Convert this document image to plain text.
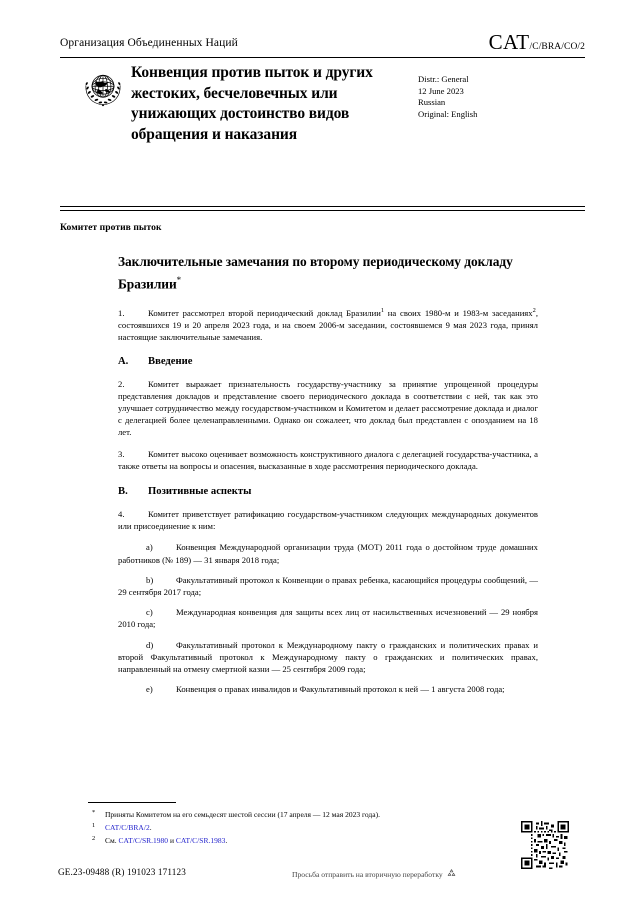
Организация Объединенных Наций	CAT/C/BRA/CO/2
Конвенция против пыток и других жестоких, бесчеловечных или унижающих достоинство видов обращения и наказания
Distr.: General
12 June 2023
Russian
Original: English
Комитет против пыток
Заключительные замечания по второму периодическому докладу Бразилии*

1.	Комитет рассмотрел второй периодический доклад Бразилии$^1$ на своих 1980-м и 1983-м заседаниях$^2$, состоявшихся 19 и 20 апреля 2023 года, и на своем 2006-м заседании, состоявшемся 9 мая 2023 года, принял настоящие заключительные замечания.

A. Введение

2.	Комитет выражает признательность государству-участнику за принятие упрощенной процедуры представления докладов и представление своего периодического доклада в соответствии с ней, так как это улучшает сотрудничество между государством-участником и Комитетом и делает рассмотрение доклада и диалог с делегацией более целенаправленными. Однако он сожалеет, что доклад был представлен с опозданием на 18 лет.

3.	Комитет высоко оценивает возможность конструктивного диалога с делегацией государства-участника, а также ответы на вопросы и опасения, высказанные в ходе рассмотрения периодического доклада.

B. Позитивные аспекты

4.	Комитет приветствует ратификацию государством-участником следующих международных документов или присоединение к ним:

a)	Конвенция Международной организации труда (МОТ) 2011 года о достойном труде домашних работников (№ 189) — 31 января 2018 года;

b)	Факультативный протокол к Конвенции о правах ребенка, касающийся процедуры сообщений, — 29 сентября 2017 года;

c)	Международная конвенция для защиты всех лиц от насильственных исчезновений — 29 ноября 2010 года;

d)	Факультативный протокол к Международному пакту о гражданских и политических правах и второй Факультативный протокол к Международному пакту о гражданских и политических правах, направленный на отмену смертной казни — 25 сентября 2009 года;

e)	Конвенция о правах инвалидов и Факультативный протокол к ней — 1 августа 2008 года;

* Приняты Комитетом на его семьдесят шестой сессии (17 апреля — 12 мая 2023 года).

1 CAT/C/BRA/2.

2 См. CAT/C/SR.1980 и CAT/C/SR.1983.

GE.23-09488 (R) 191023 171123	Просьба отправить на вторичную переработку
